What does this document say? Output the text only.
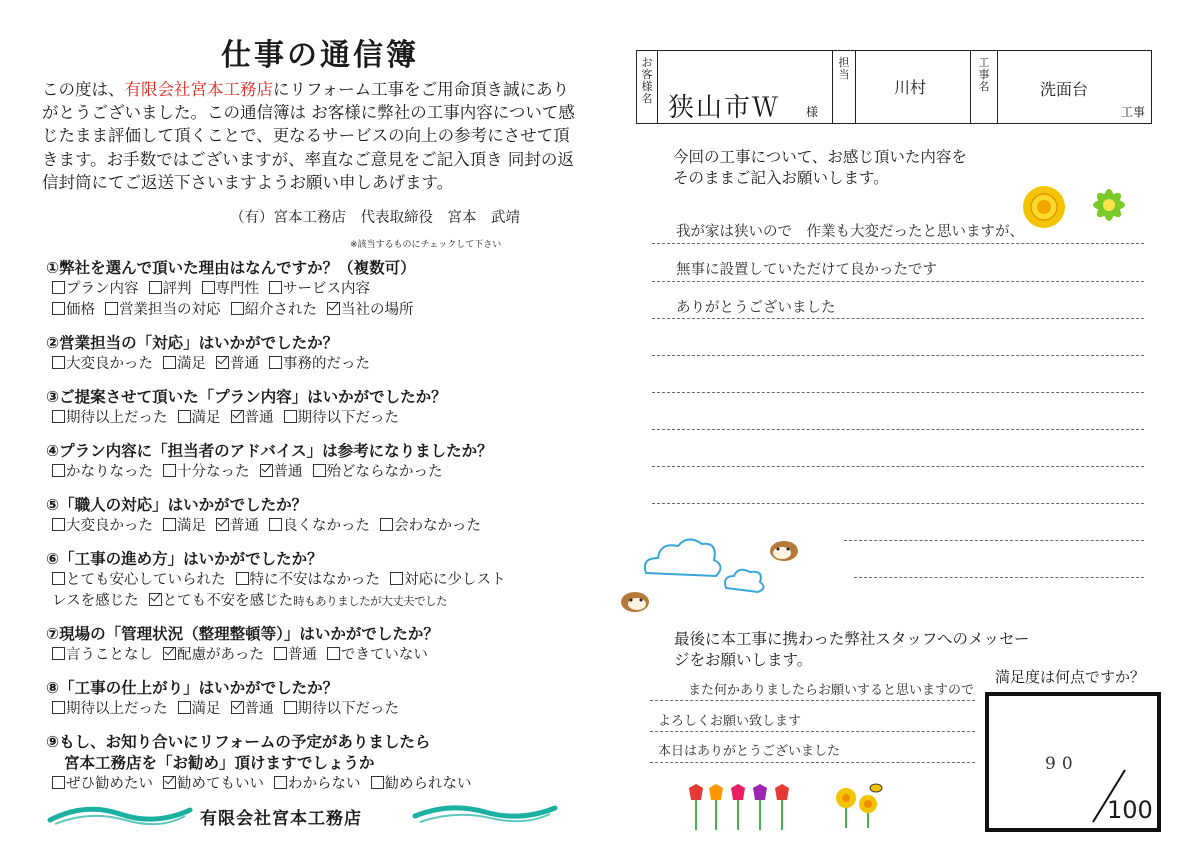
仕事の通信簿
この度は、有限会社宮本工務店にリフォーム工事をご用命頂き誠にありがとうございました。この通信簿は お客様に弊社の工事内容について感じたまま評価して頂くことで、更なるサービスの向上の参考にさせて頂きます。お手数ではございますが、率直なご意見をご記入頂き 同封の返信封筒にてご返送下さいますようお願い申しあげます。
（有）宮本工務店　代表取締役　宮本　武靖
※該当するものにチェックして下さい
①弊社を選んで頂いた理由はなんですか？（複数可）
プラン内容 評判 専門性 サービス内容
価格 営業担当の対応 紹介された 当社の場所
②営業担当の「対応」はいかがでしたか？
大変良かった 満足 普通 事務的だった
③ご提案させて頂いた「プラン内容」はいかがでしたか？
期待以上だった 満足 普通 期待以下だった
④プラン内容に「担当者のアドバイス」は参考になりましたか？
かなりなった 十分なった 普通 殆どならなかった
⑤「職人の対応」はいかがでしたか？
大変良かった 満足 普通 良くなかった 会わなかった
⑥「工事の進め方」はいかがでしたか？
とても安心していられた 特に不安はなかった 対応に少しスト
レスを感じた とても不安を感じた時もありましたが大丈夫でした
⑦現場の「管理状況（整理整頓等）」はいかがでしたか？
言うことなし 配慮があった 普通 できていない
⑧「工事の仕上がり」はいかがでしたか？
期待以上だった 満足 普通 期待以下だった
⑨もし、お知り合いにリフォームの予定がありましたら
宮本工務店を「お勧め」頂けますでしょうか
ぜひ勧めたい 勧めてもいい わからない 勧められない
有限会社宮本工務店
お客様名 狭山市Ｗ 様
担当
川村
工事名	洗面台
工事
今回の工事について、お感じ頂いた内容をそのままご記入お願いします。
我が家は狭いので　作業も大変だったと思いますが、
無事に設置していただけて良かったです
ありがとうございました
最後に本工事に携わった弊社スタッフへのメッセージをお願いします。
また何かありましたらお願いすると思いますので
よろしくお願い致します
本日はありがとうございました
満足度は何点ですか？
90
100
